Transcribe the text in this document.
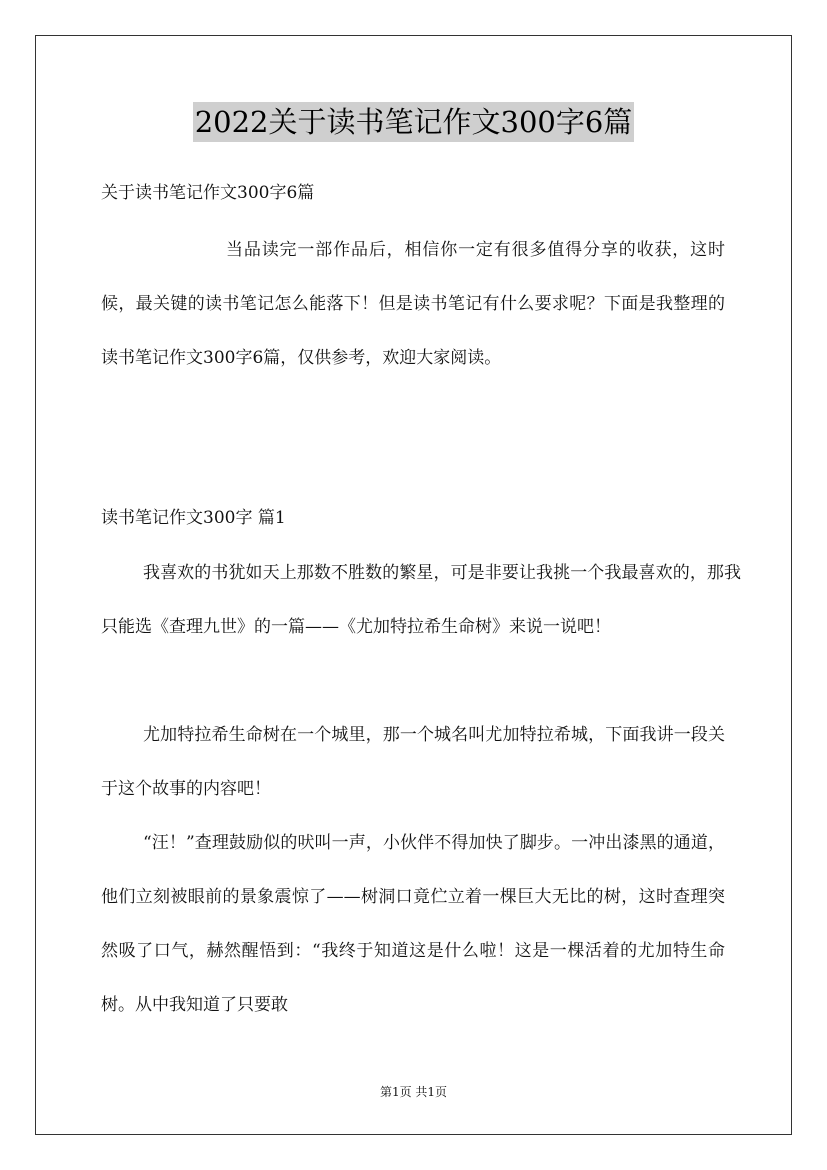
2022关于读书笔记作文300字6篇
关于读书笔记作文300字6篇

当品读完一部作品后，相信你一定有很多值得分享的收获，这时候，最关键的读书笔记怎么能落下！但是读书笔记有什么要求呢？下面是我整理的读书笔记作文300字6篇，仅供参考，欢迎大家阅读。

读书笔记作文300字 篇1

我喜欢的书犹如天上那数不胜数的繁星，可是非要让我挑一个我最喜欢的，那我只能选《查理九世》的一篇——《尤加特拉希生命树》来说一说吧！

尤加特拉希生命树在一个城里，那一个城名叫尤加特拉希城，下面我讲一段关于这个故事的内容吧！

“汪！”查理鼓励似的吠叫一声，小伙伴不得加快了脚步。一冲出漆黑的通道，他们立刻被眼前的景象震惊了——树洞口竟伫立着一棵巨大无比的树，这时查理突然吸了口气，赫然醒悟到：“我终于知道这是什么啦！这是一棵活着的尤加特生命树。从中我知道了只要敢

第1页 共1页
